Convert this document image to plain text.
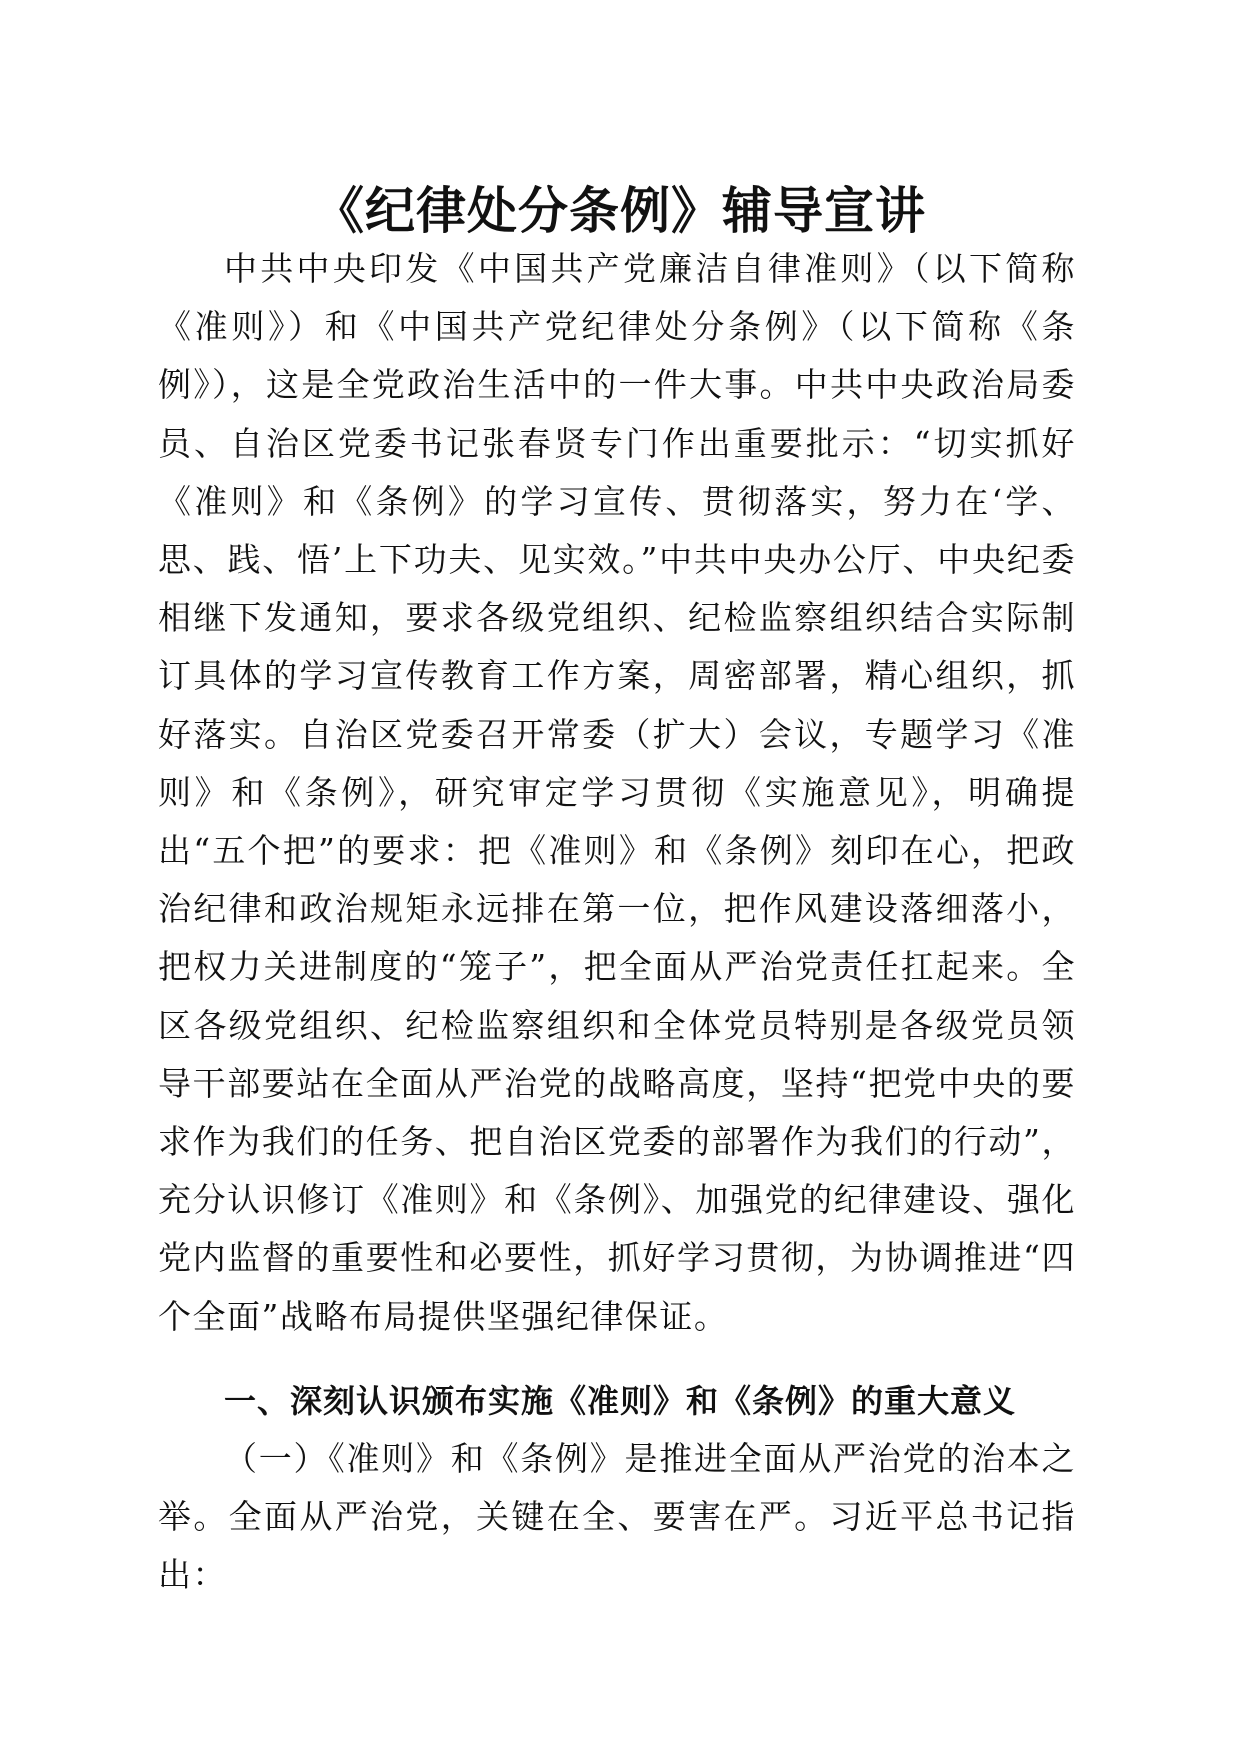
《纪律处分条例》辅导宣讲

中共中央印发《中国共产党廉洁自律准则》（以下简称《准则》）和《中国共产党纪律处分条例》（以下简称《条例》），这是全党政治生活中的一件大事。中共中央政治局委员、自治区党委书记张春贤专门作出重要批示：“切实抓好《准则》和《条例》的学习宣传、贯彻落实，努力在‘学、思、践、悟’上下功夫、见实效。”中共中央办公厅、中央纪委相继下发通知，要求各级党组织、纪检监察组织结合实际制订具体的学习宣传教育工作方案，周密部署，精心组织，抓好落实。自治区党委召开常委（扩大）会议，专题学习《准则》和《条例》，研究审定学习贯彻《实施意见》，明确提出“五个把”的要求：把《准则》和《条例》刻印在心，把政治纪律和政治规矩永远排在第一位，把作风建设落细落小，把权力关进制度的“笼子”，把全面从严治党责任扛起来。全区各级党组织、纪检监察组织和全体党员特别是各级党员领导干部要站在全面从严治党的战略高度，坚持“把党中央的要求作为我们的任务、把自治区党委的部署作为我们的行动”，充分认识修订《准则》和《条例》、加强党的纪律建设、强化党内监督的重要性和必要性，抓好学习贯彻，为协调推进“四个全面”战略布局提供坚强纪律保证。

一、深刻认识颁布实施《准则》和《条例》的重大意义

（一）《准则》和《条例》是推进全面从严治党的治本之举。全面从严治党，关键在全、要害在严。习近平总书记指出：
